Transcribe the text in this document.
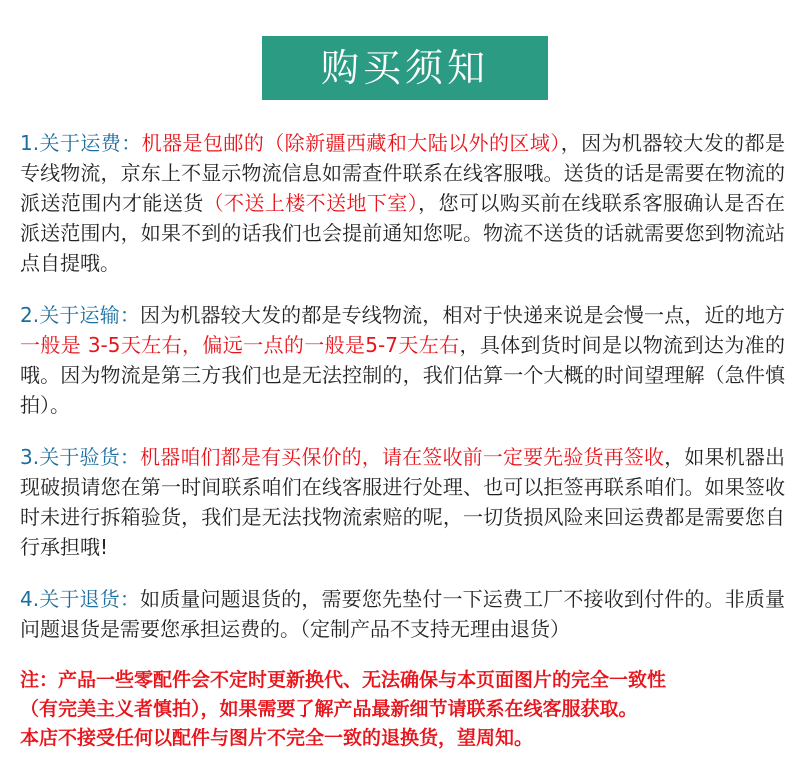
购买须知

1.关于运费：机器是包邮的（除新疆西藏和大陆以外的区域），因为机器较大发的都是专线物流，京东上不显示物流信息如需查件联系在线客服哦。送货的话是需要在物流的派送范围内才能送货（不送上楼不送地下室），您可以购买前在线联系客服确认是否在派送范围内，如果不到的话我们也会提前通知您呢。物流不送货的话就需要您到物流站点自提哦。

2.关于运输：因为机器较大发的都是专线物流，相对于快递来说是会慢一点，近的地方一般是 3-5天左右，偏远一点的一般是5-7天左右，具体到货时间是以物流到达为准的哦。因为物流是第三方我们也是无法控制的，我们估算一个大概的时间望理解（急件慎拍）。

3.关于验货：机器咱们都是有买保价的，请在签收前一定要先验货再签收，如果机器出现破损请您在第一时间联系咱们在线客服进行处理、也可以拒签再联系咱们。如果签收时未进行拆箱验货，我们是无法找物流索赔的呢，一切货损风险来回运费都是需要您自行承担哦!

4.关于退货：如质量问题退货的，需要您先垫付一下运费工厂不接收到付件的。非质量问题退货是需要您承担运费的。（定制产品不支持无理由退货）

注：产品一些零配件会不定时更新换代、无法确保与本页面图片的完全一致性
（有完美主义者慎拍），如果需要了解产品最新细节请联系在线客服获取。
本店不接受任何以配件与图片不完全一致的退换货，望周知。
